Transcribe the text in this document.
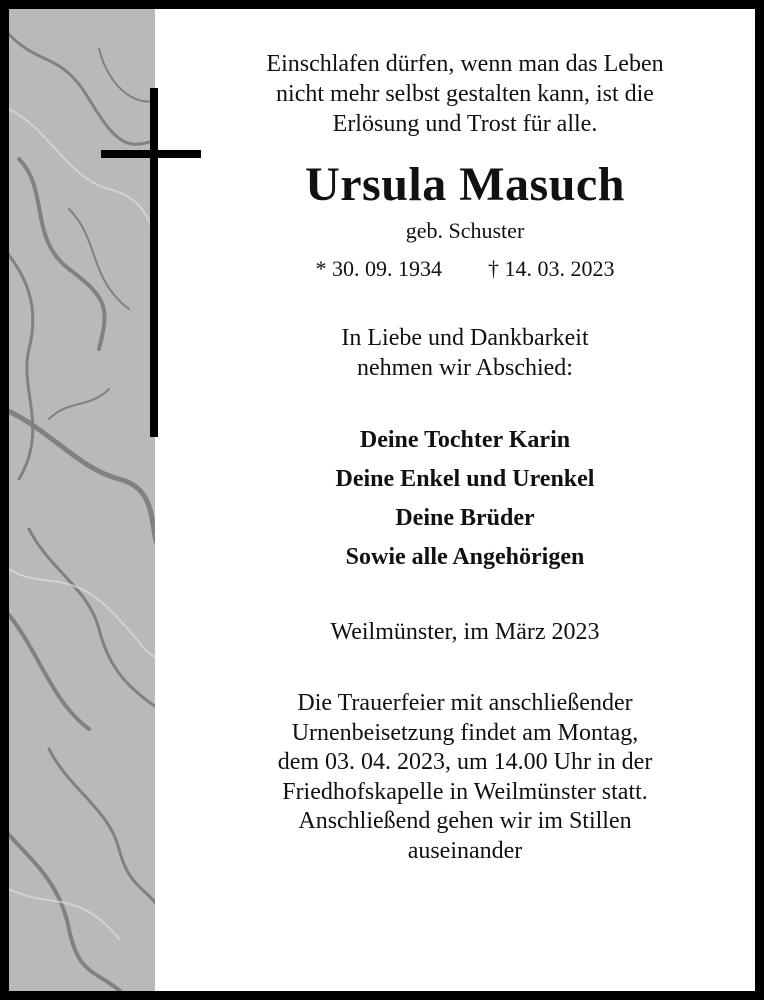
Einschlafen dürfen, wenn man das Leben
nicht mehr selbst gestalten kann, ist die
Erlösung und Trost für alle.

Ursula Masuch
geb. Schuster
* 30. 09. 1934 † 14. 03. 2023
In Liebe und Dankbarkeit
nehmen wir Abschied:
Deine Tochter Karin
Deine Enkel und Urenkel
Deine Brüder
Sowie alle Angehörigen
Weilmünster, im März 2023
Die Trauerfeier mit anschließender
Urnenbeisetzung findet am Montag,
dem 03. 04. 2023, um 14.00 Uhr in der
Friedhofskapelle in Weilmünster statt.
Anschließend gehen wir im Stillen
auseinander
